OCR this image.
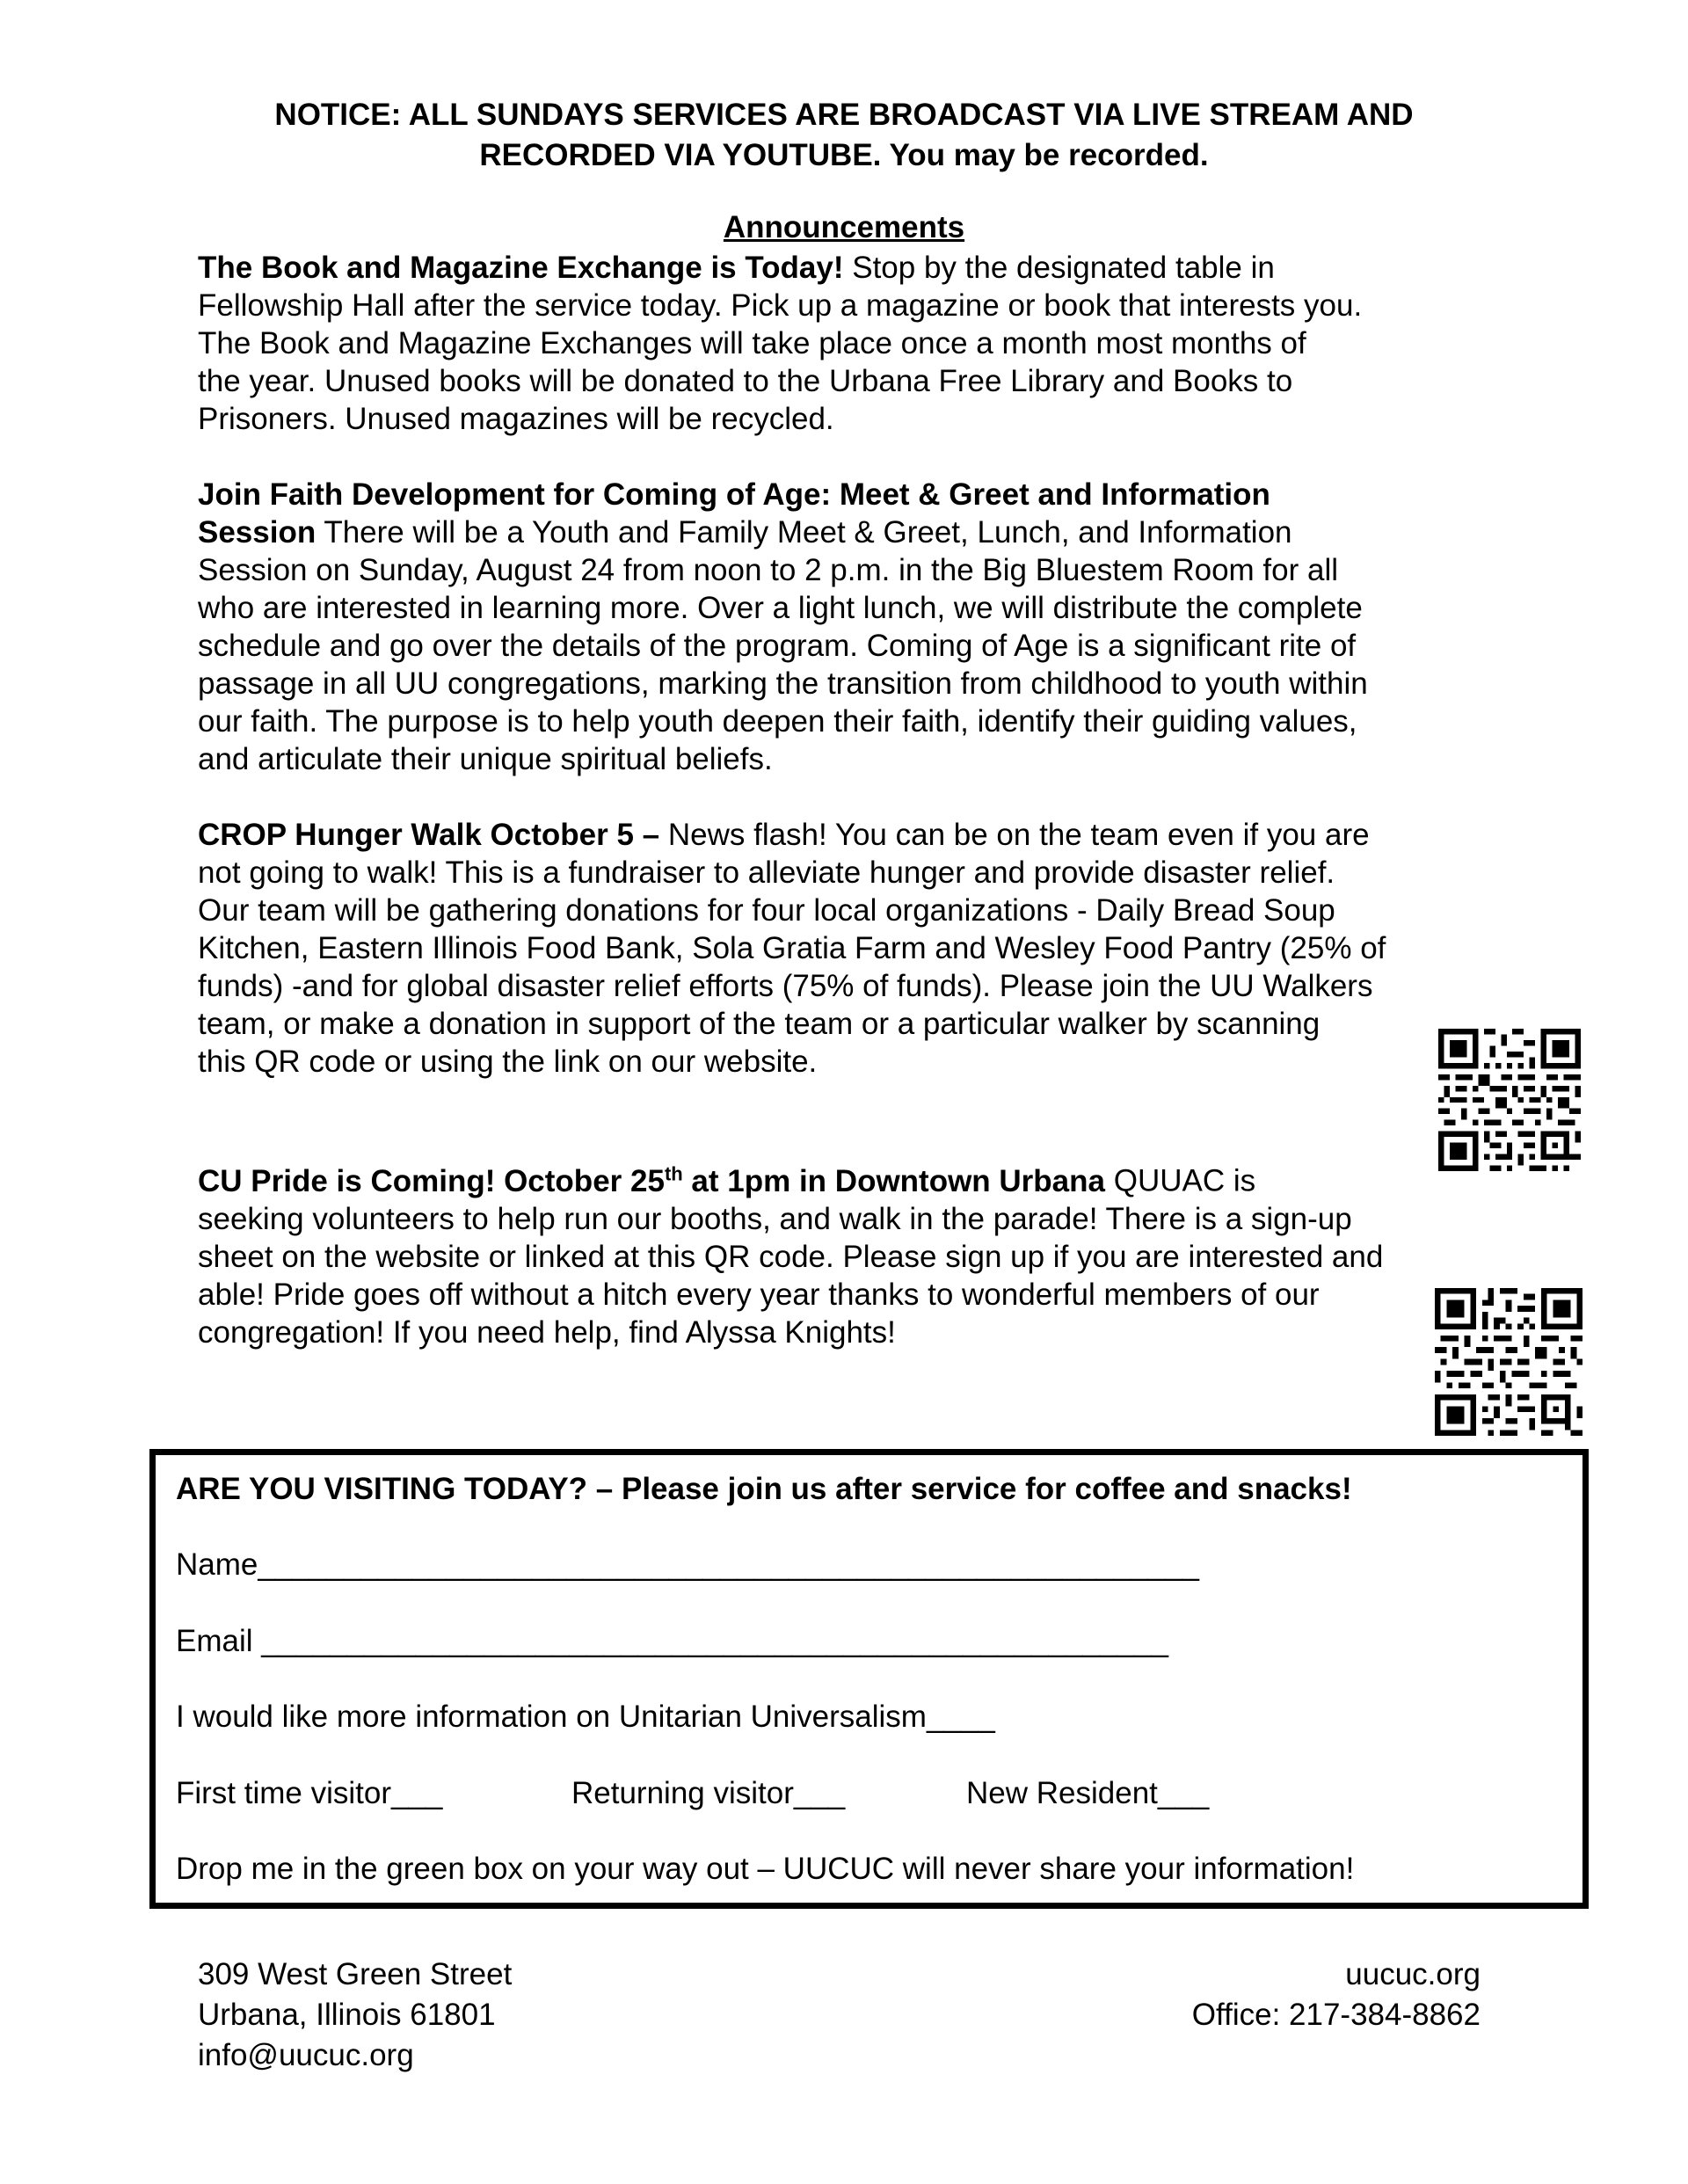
NOTICE: ALL SUNDAYS SERVICES ARE BROADCAST VIA LIVE STREAM AND
RECORDED VIA YOUTUBE. You may be recorded.
Announcements
The Book and Magazine Exchange is Today! Stop by the designated table in
Fellowship Hall after the service today. Pick up a magazine or book that interests you.
The Book and Magazine Exchanges will take place once a month most months of
the year. Unused books will be donated to the Urbana Free Library and Books to
Prisoners. Unused magazines will be recycled.
Join Faith Development for Coming of Age: Meet & Greet and Information
Session There will be a Youth and Family Meet & Greet, Lunch, and Information
Session on Sunday, August 24 from noon to 2 p.m. in the Big Bluestem Room for all
who are interested in learning more. Over a light lunch, we will distribute the complete
schedule and go over the details of the program. Coming of Age is a significant rite of
passage in all UU congregations, marking the transition from childhood to youth within
our faith. The purpose is to help youth deepen their faith, identify their guiding values,
and articulate their unique spiritual beliefs.
CROP Hunger Walk October 5 – News flash! You can be on the team even if you are
not going to walk! This is a fundraiser to alleviate hunger and provide disaster relief.
Our team will be gathering donations for four local organizations - Daily Bread Soup
Kitchen, Eastern Illinois Food Bank, Sola Gratia Farm and Wesley Food Pantry (25% of
funds) -and for global disaster relief efforts (75% of funds). Please join the UU Walkers
team, or make a donation in support of the team or a particular walker by scanning
this QR code or using the link on our website.
CU Pride is Coming! October 25th at 1pm in Downtown Urbana QUUAC is
seeking volunteers to help run our booths, and walk in the parade! There is a sign-up
sheet on the website or linked at this QR code. Please sign up if you are interested and
able! Pride goes off without a hitch every year thanks to wonderful members of our
congregation! If you need help, find Alyssa Knights!
ARE YOU VISITING TODAY? – Please join us after service for coffee and snacks!
Name_______________________________________________________
Email _____________________________________________________
I would like more information on Unitarian Universalism____
First time visitor___	Returning visitor___	New Resident___
Drop me in the green box on your way out – UUCUC will never share your information!
309 West Green Street
Urbana, Illinois 61801
info@uucuc.org
uucuc.org
Office: 217-384-8862
